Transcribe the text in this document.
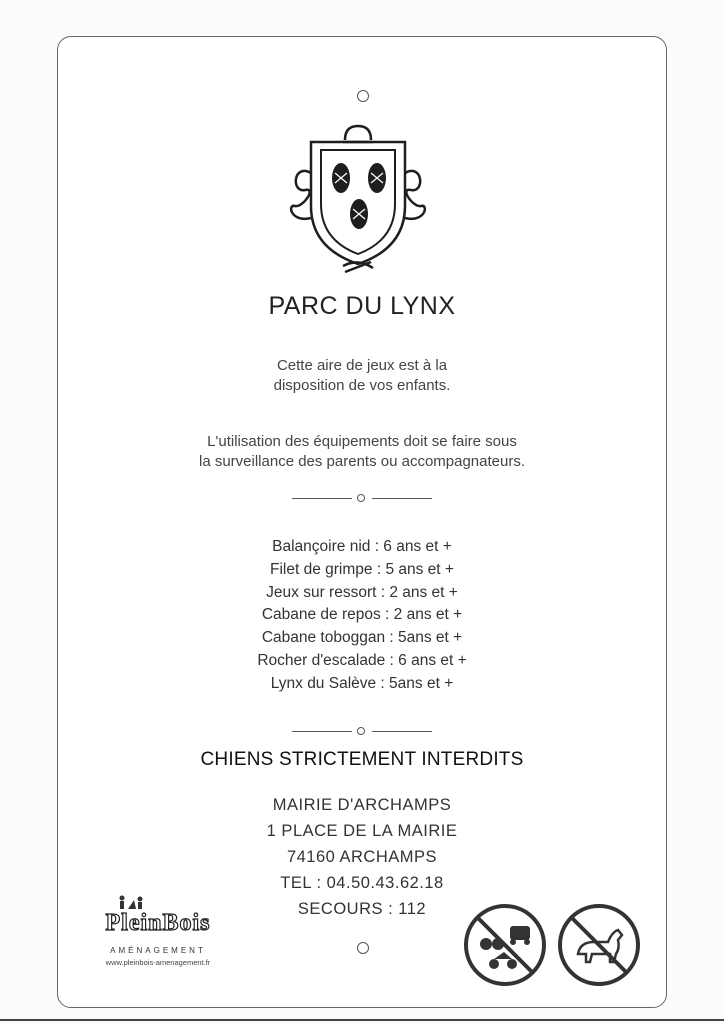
PARC DU LYNX
Cette aire de jeux est à la
disposition de vos enfants.
L'utilisation des équipements doit se faire sous
la surveillance des parents ou accompagnateurs.
Balançoire nid : 6 ans et +
Filet de grimpe : 5 ans et +
Jeux sur ressort : 2 ans et +
Cabane de repos : 2 ans et +
Cabane toboggan : 5ans et +
Rocher d'escalade : 6 ans et +
Lynx du Salève : 5ans et +
CHIENS STRICTEMENT INTERDITS
MAIRIE D'ARCHAMPS
1 PLACE DE LA MAIRIE
74160 ARCHAMPS
TEL : 04.50.43.62.18
SECOURS : 112
PleinBois
AMÉNAGEMENT
www.pleinbois-amenagement.fr
